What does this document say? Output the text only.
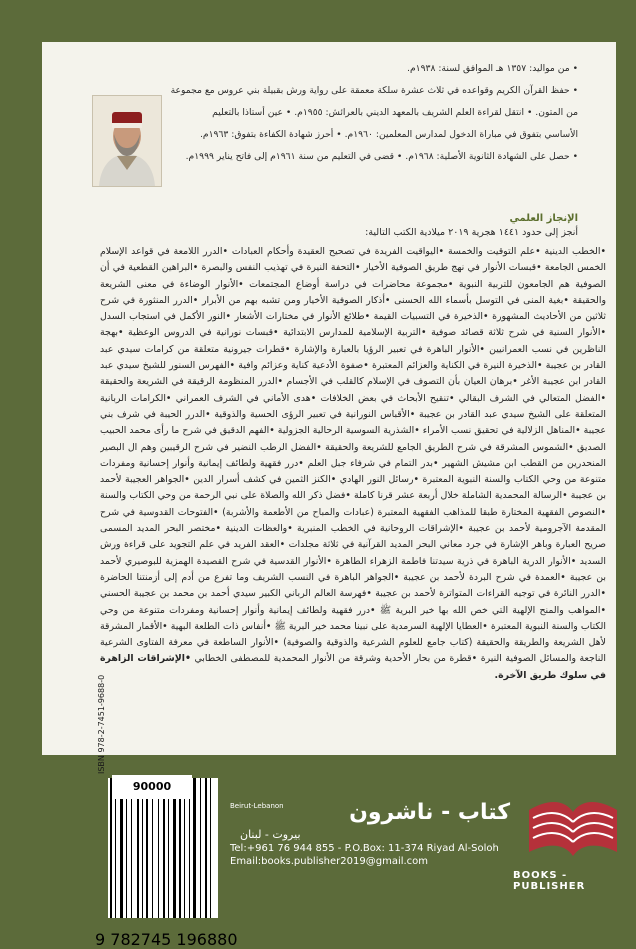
• من مواليد: ١٣٥٧ هـ الموافق لسنة: ١٩٣٨م.
• حفظ القرآن الكريم وقواعده في ثلاث عشرة سلكة معمقة على رواية ورش بقبيلة بني عروس مع مجموعة
من المتون. • انتقل لقراءة العلم الشريف بالمعهد الديني بالعرائش: ١٩٥٥م. • عين أستاذا بالتعليم
الأساسي بتفوق في مباراة الدخول لمدارس المعلمين: ١٩٦٠م. • أحرز شهادة الكفاءة بتفوق: ١٩٦٣م.
• حصل على الشهادة الثانوية الأصلية: ١٩٦٨م. • قضى في التعليم من سنة ١٩٦١م إلى فاتح يناير ١٩٩٩م.
الإنجاز العلمي
أنجز إلى حدود ١٤٤١ هجرية ٢٠١٩ ميلادية الكتب التالية:
•الخطب الدينية •علم التوقيت والخمسة •اليواقيت الفريدة في تصحيح العقيدة وأحكام العبادات •الدرر اللامعة في قواعد الإسلام الخمس الجامعة •قبسات الأنوار في نهج طريق الصوفية الأخيار •التحفة النيرة في تهذيب النفس والبصرة •البراهين القطعية في أن الصوفية هم الجامعون للتربية النبوية •مجموعة محاضرات في دراسة أوضاع المجتمعات •الأنوار الوضاءة في معنى الشريعة والحقيقة •بغية المنى في التوسل بأسماء الله الحسنى •أذكار الصوفية الأخيار ومن تشبه بهم من الأبرار •الدرر المنثورة في شرح ثلاثين من الأحاديث المشهورة •الذخيرة في التسبيات القيمة •طلائع الأنوار في مختارات الأشعار •النور الأكمل في استجاب السدل •الأنوار السنية في شرح ثلاثة قصائد صوفية •التربية الإسلامية للمدارس الابتدائية •قبسات نورانية في الدروس الوعظية •بهجة الناظرين في نسب العمرانيين •الأنوار الباهرة في تعبير الرؤيا بالعبارة والإشارة •قطرات جيرونية متعلقة من كرامات سيدي عبد القادر بن عجيبة •الذخيرة النيرة في الكناية والعزائم المعتبرة •صفوة الأدعية كناية وعزائم وافية •الفهرس السنور للشيخ سيدي عبد القادر ابن عجيبة الأغر •برهان العيان بأن التصوف في الإسلام كالقلب في الأجسام •الدرر المنظومة الرقيقة في الشريعة والحقيقة •الفضل المتعالي في الشرف البقالي •تنقيح الأبحاث في بعض الخلافات •هدى الأماني في الشرف العمراني •الكرامات الربانية المتعلقة على الشيخ سيدي عبد القادر بن عجيبة •الأقباس النورانية في تعبير الرؤى الحسية والذوقية •الدرر الحيبة في شرف بني عجيبة •المناهل الزلالية في تحقيق نسب الأمراء •الشذرية السوسية الرحالية الجزولية •الفهم الدقيق في شرح ما رأى محمد الحبيب الصديق •الشموس المشرقة في شرح الطريق الجامع للشريعة والحقيقة •الفضل الرطب النضير في شرح الرقيبين وهم ال البصير المنحدرين من القطب ابن مشيش الشهير •بدر التمام في شرفاء جبل العلم •درر فقهية ولطائف إيمانية وأنوار إحسانية ومفردات متنوعة من وحي الكتاب والسنة النبوية المعتبرة •رسائل النور الهادي •الكنز الثمين في كشف أسرار الدين •الجواهر العجيبة لأحمد بن عجيبة •الرسالة المحمدية الشاملة خلال أربعة عشر قرنا كاملة •فضل ذكر الله والصلاة على نبي الرحمة من وحي الكتاب والسنة •النصوص الفقهية المختارة طبقا للمذاهب الفقهية المعتبرة (عبادات والمباح من الأطعمة والأشربة) •الفتوحات القدوسية في شرح المقدمة الآجرومية لأحمد بن عجيبة •الإشراقات الروحانية في الخطب المنبرية •والعظات الدينية •مختصر البحر المديد المسمى صريح العبارة وباهر الإشارة في جرد معاني البحر المديد القرآنية في ثلاثة مجلدات •العقد الفريد في علم التجويد على قراءة ورش السديد •الأنوار الدرية الباهرة في ذرية سيدتنا فاطمة الزهراء الطاهرة •الأنوار القدسية في شرح القصيدة الهمزية للبوصيري لأحمد بن عجيبة •العمدة في شرح البردة لأحمد بن عجيبة •الجواهر الباهرة في النسب الشريف وما تفرع من أدم إلى أزمنتنا الحاضرة •الدرر النائرة في توجيه القراءات المتواترة لأحمد بن عجيبة •فهرسة العالم الرباني الكبير سيدي أحمد بن محمد بن عجيبة الحسني •المواهب والمنح الإلهية التي خص الله بها خير البرية ﷺ •درر فقهية ولطائف إيمانية وأنوار إحسانية ومفردات متنوعة من وحي الكتاب والسنة النبوية المعتبرة •العطايا الإلهية السرمدية على نبينا محمد خير البرية ﷺ •أنفاس ذات الطلعة البهية •الأقمار المشرقة لأهل الشريعة والطريقة والحقيقة (كتاب جامع للعلوم الشرعية والذوقية والصوفية) •الأنوار الساطعة في معرفة الفتاوى الشرعية الناجعة والمسائل الصوفية النيرة •قطرة من بحار الأحدية وشرقة من الأنوار المحمدية للمصطفى الخطابي •الإشراقات الزاهرة في سلوك طريق الآخرة.
90000
9 782745 196880
Beirut-Lebanon	كتاب - ناشرون
بيروت - لبنان
Tel:+961 76 944 855 - P.O.Box: 11-374 Riyad Al-Soloh
Email:books.publisher2019@gmail.com
BOOKS - PUBLISHER
